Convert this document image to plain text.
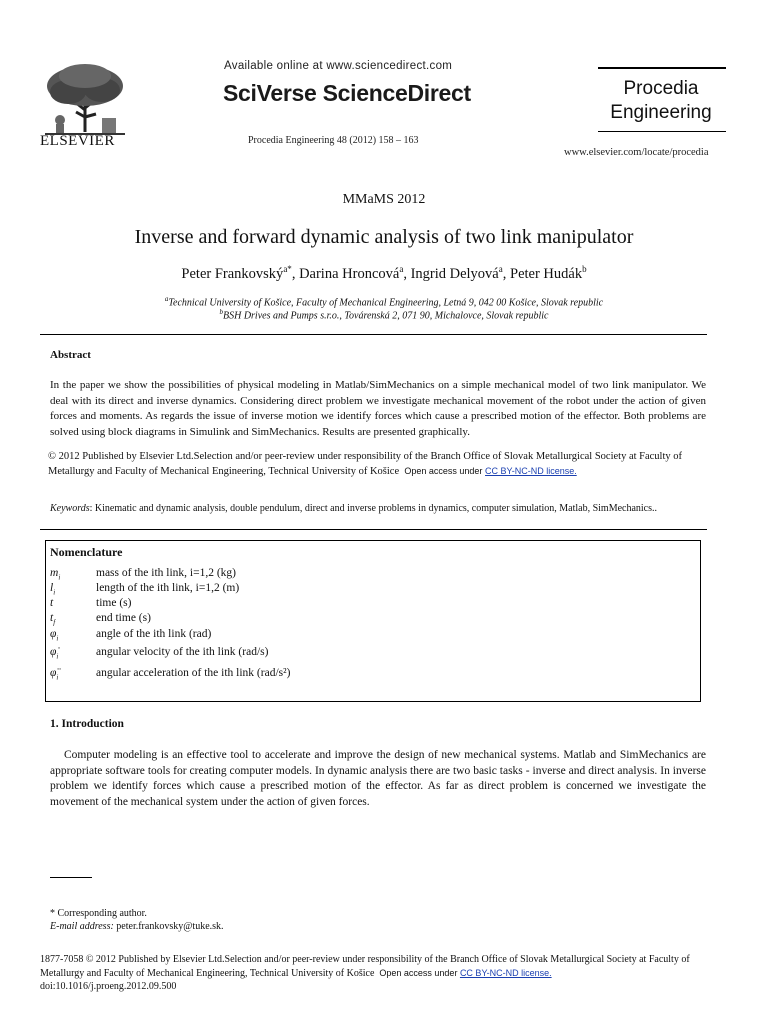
ELSEVIER
Available online at www.sciencedirect.com
SciVerse ScienceDirect
Procedia Engineering 48 (2012) 158 – 163
Procedia
Engineering
www.elsevier.com/locate/procedia
MMaMS 2012
Inverse and forward dynamic analysis of two link manipulator
Peter Frankovský$^{a*}$, Darina Hroncová$^a$, Ingrid Delyová$^a$, Peter Hudák$^b$
$^a$Technical University of Košice, Faculty of Mechanical Engineering, Letná 9, 042 00 Košice, Slovak republic
$^b$BSH Drives and Pumps s.r.o., Továrenská 2, 071 90, Michalovce, Slovak republic
Abstract
In the paper we show the possibilities of physical modeling in Matlab/SimMechanics on a simple mechanical model of two link manipulator. We deal with its direct and inverse dynamics. Considering direct problem we investigate mechanical movement of the robot under the action of given forces and moments. As regards the issue of inverse motion we identify forces which cause a prescribed motion of the effector. Both problems are solved using block diagrams in Simulink and SimMechanics. Results are presented graphically.
© 2012 Published by Elsevier Ltd.Selection and/or peer-review under responsibility of the Branch Office of Slovak Metallurgical Society at Faculty of Metallurgy and Faculty of Mechanical Engineering, Technical University of Košice Open access under CC BY-NC-ND license.
Keywords: Kinematic and dynamic analysis, double pendulum, direct and inverse problems in dynamics, computer simulation, Matlab, SimMechanics..
Nomenclature
$m_i$	mass of the ith link, i=1,2 (kg)
$l_i$	length of the ith link, i=1,2 (m)
t	time (s)
$t_f$	end time (s)
$\varphi_i$	angle of the ith link (rad)
$\varphi̇_i$	angular velocity of the ith link (rad/s)
$\varphï_i$	angular acceleration of the ith link (rad/s²)
1. Introduction
Computer modeling is an effective tool to accelerate and improve the design of new mechanical systems. Matlab and SimMechanics are appropriate software tools for creating computer models. In dynamic analysis there are two basic tasks - inverse and direct analysis. In inverse problem we identify forces which cause a prescribed motion of the effector. As far as direct problem is concerned we investigate the movement of the mechanical system under the action of given forces.
* Corresponding author.
E-mail address: peter.frankovsky@tuke.sk.
1877-7058 © 2012 Published by Elsevier Ltd.Selection and/or peer-review under responsibility of the Branch Office of Slovak Metallurgical Society at Faculty of Metallurgy and Faculty of Mechanical Engineering, Technical University of Košice Open access under CC BY-NC-ND license.
doi:10.1016/j.proeng.2012.09.500
